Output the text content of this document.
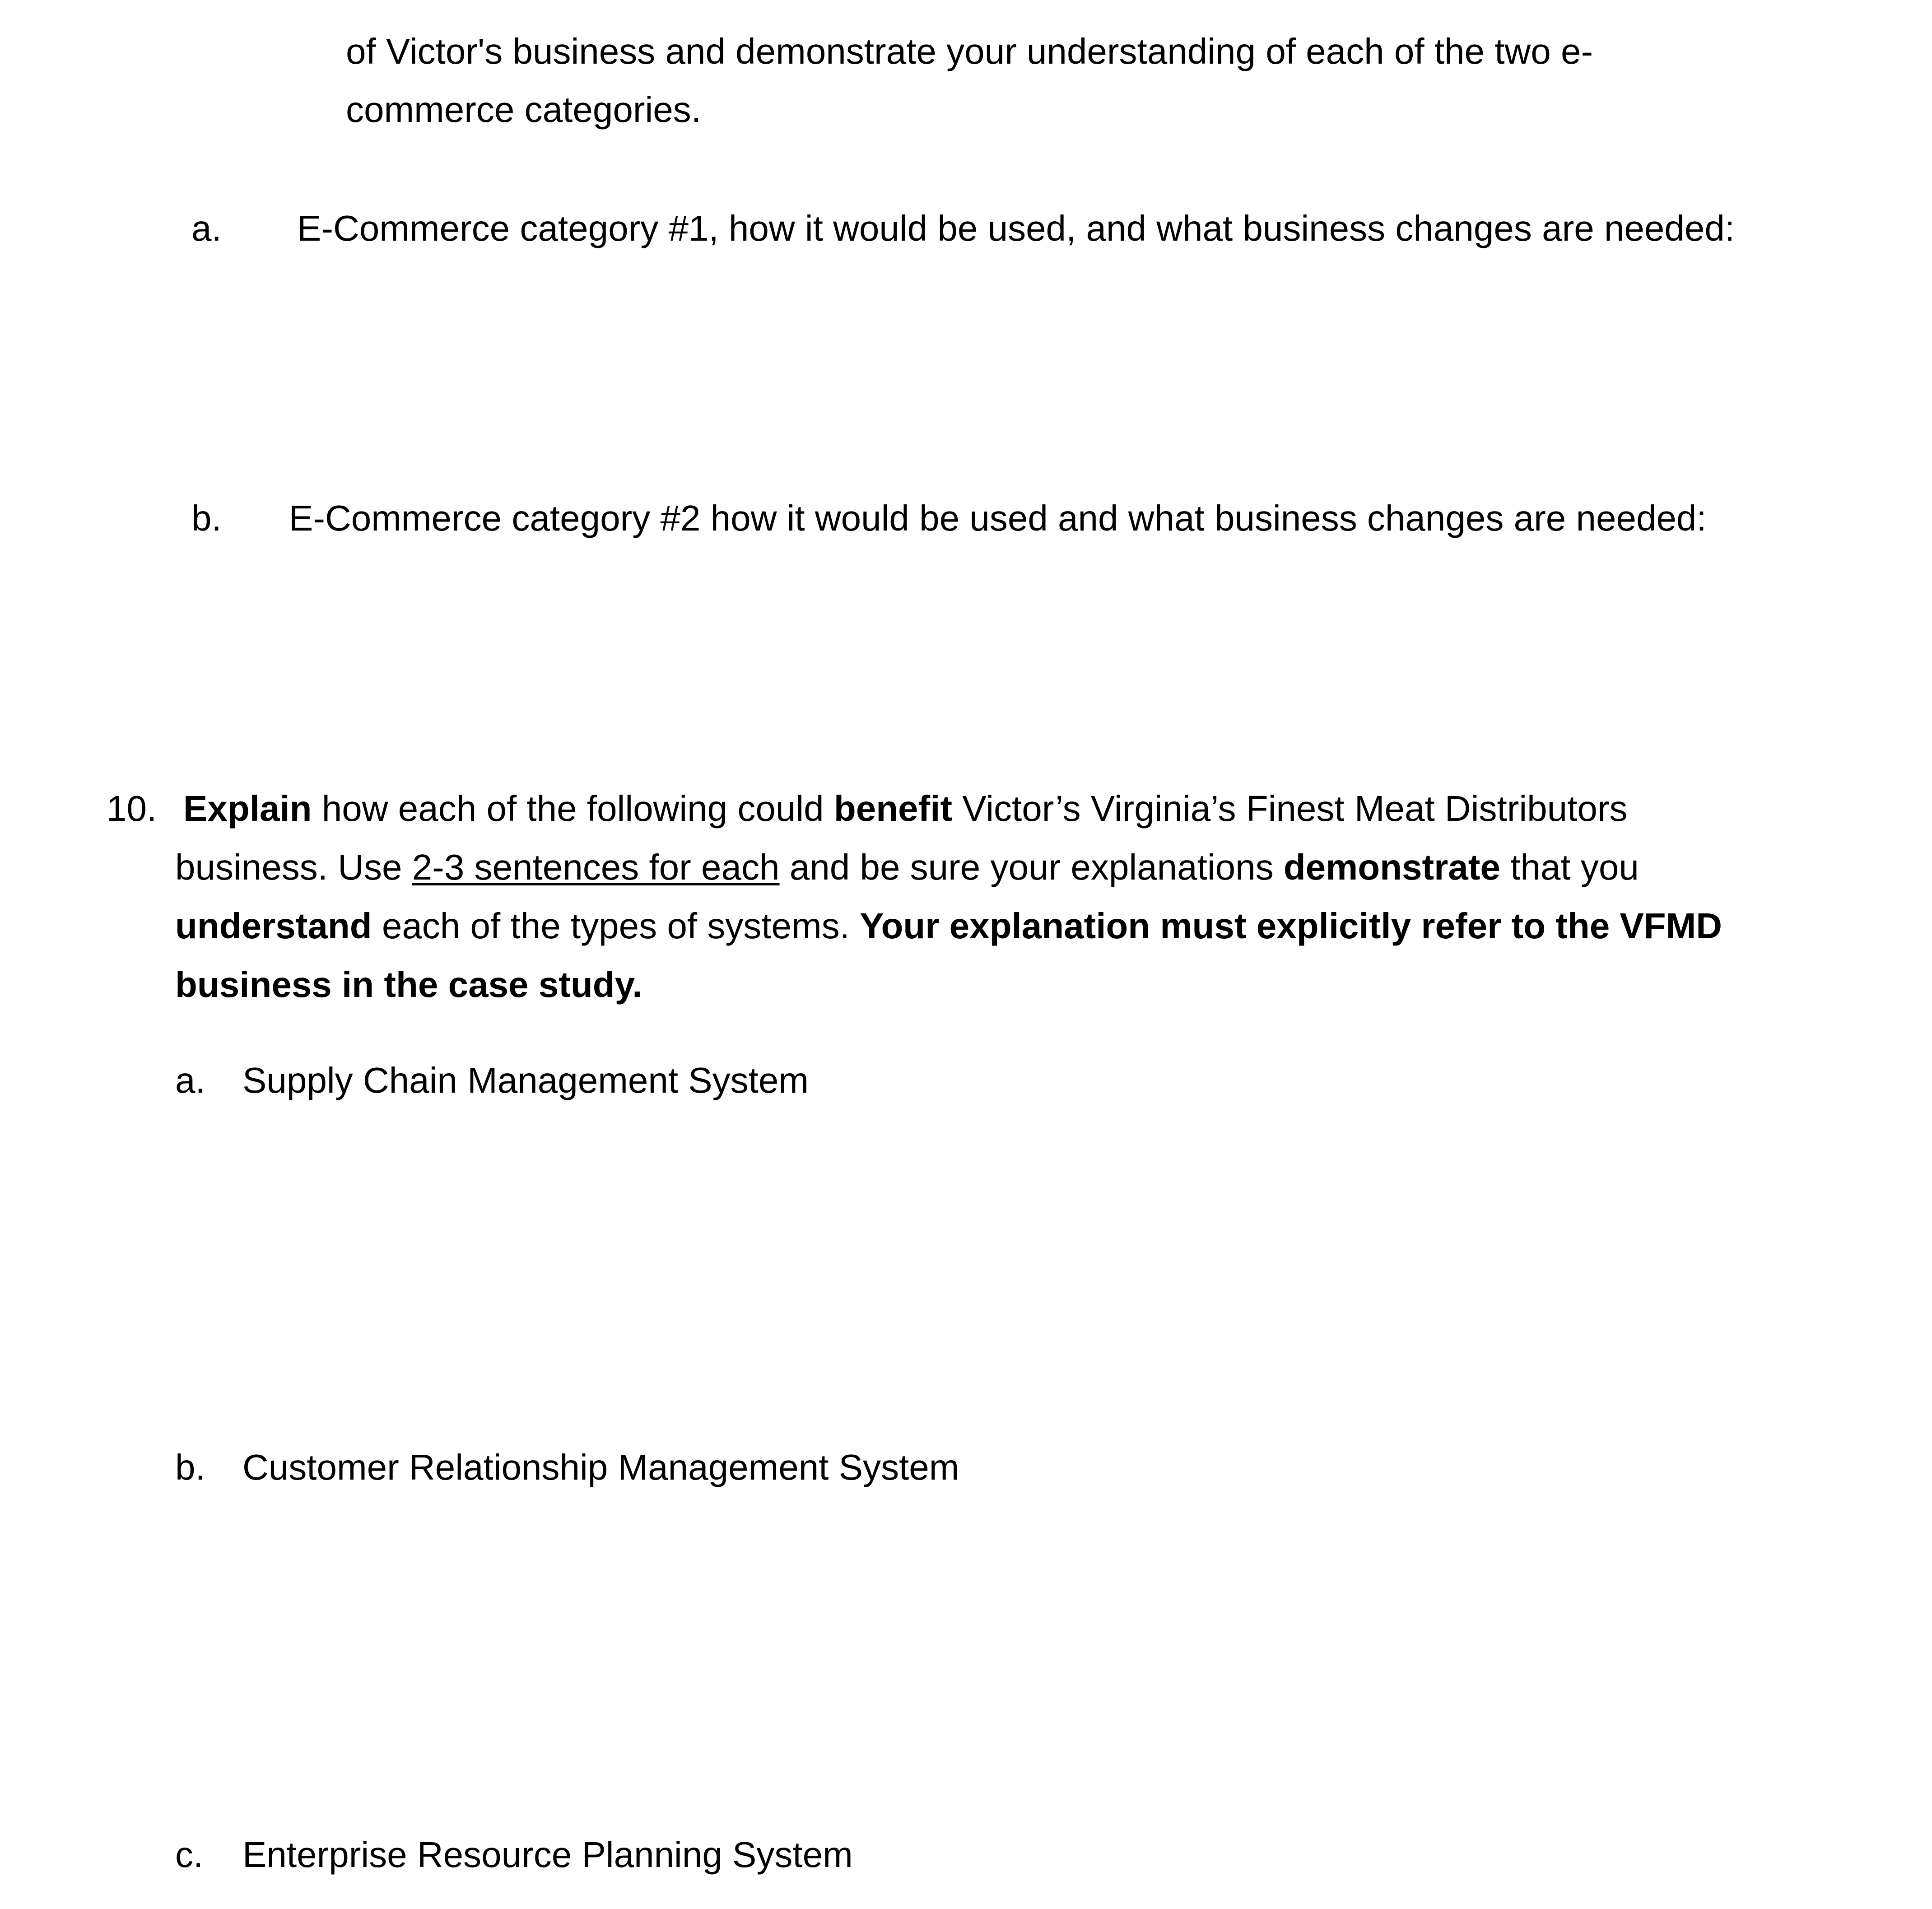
of Victor's business and demonstrate your understanding of each of the two e-
commerce categories.
a. E-Commerce category #1, how it would be used, and what business changes are needed:
b. E-Commerce category #2 how it would be used and what business changes are needed:
10. Explain how each of the following could benefit Victor’s Virginia’s Finest Meat Distributors
business. Use 2-3 sentences for each and be sure your explanations demonstrate that you
understand each of the types of systems. Your explanation must explicitly refer to the VFMD
business in the case study.
a. Supply Chain Management System
b. Customer Relationship Management System
c. Enterprise Resource Planning System
